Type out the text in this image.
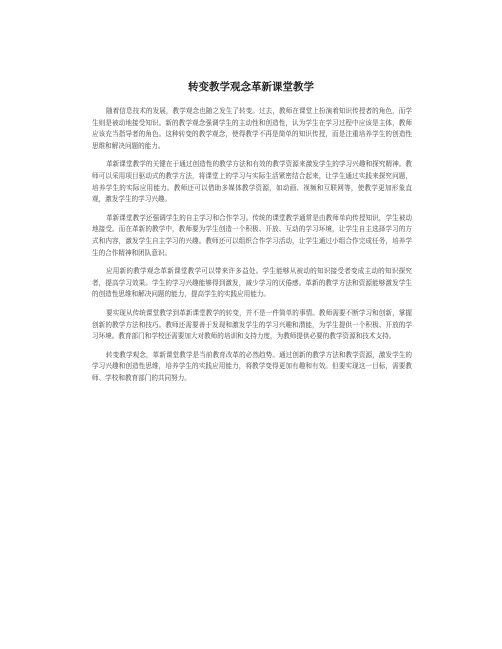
转变教学观念革新课堂教学

随着信息技术的发展，教学观念也随之发生了转变。过去，教师在课堂上扮演着知识传授者的角色，而学生则是被动地接受知识。新的教学观念强调学生的主动性和创造性，认为学生在学习过程中应该是主体，教师应该充当指导者的角色。这种转变的教学观念，使得教学不再是简单的知识传授，而是注重培养学生的创造性思维和解决问题的能力。

革新课堂教学的关键在于通过创造性的教学方法和有效的教学资源来激发学生的学习兴趣和探究精神。教师可以采用项目驱动式的教学方法，将课堂上的学习与实际生活紧密结合起来，让学生通过实践来探究问题，培养学生的实际应用能力。教师还可以借助多媒体教学资源，如动画、视频和互联网等，使教学更加形象直观，激发学生的学习兴趣。

革新课堂教学还强调学生的自主学习和合作学习。传统的课堂教学通常是由教师单向传授知识，学生被动地接受。而在革新的教学中，教师要为学生创造一个积极、开放、互动的学习环境，让学生自主选择学习的方式和内容，激发学生自主学习的兴趣。教师还可以组织合作学习活动，让学生通过小组合作完成任务，培养学生的合作精神和团队意识。

应用新的教学观念革新课堂教学可以带来许多益处。学生能够从被动的知识接受者变成主动的知识探究者，提高学习效果。学生的学习兴趣能够得到激发，减少学习的厌倦感。革新的教学方法和资源能够激发学生的创造性思维和解决问题的能力，提高学生的实践应用能力。

要实现从传统课堂教学到革新课堂教学的转变，并不是一件简单的事情。教师需要不断学习和创新，掌握创新的教学方法和技巧。教师还需要善于发现和激发学生的学习兴趣和潜能，为学生提供一个积极、开放的学习环境。教育部门和学校还需要加大对教师的培训和支持力度，为教师提供必要的教学资源和技术支持。

转变教学观念，革新课堂教学是当前教育改革的必然趋势。通过创新的教学方法和教学资源，激发学生的学习兴趣和创造性思维，培养学生的实践应用能力，将教学变得更加有趣和有效。但要实现这一目标，需要教师、学校和教育部门的共同努力。
